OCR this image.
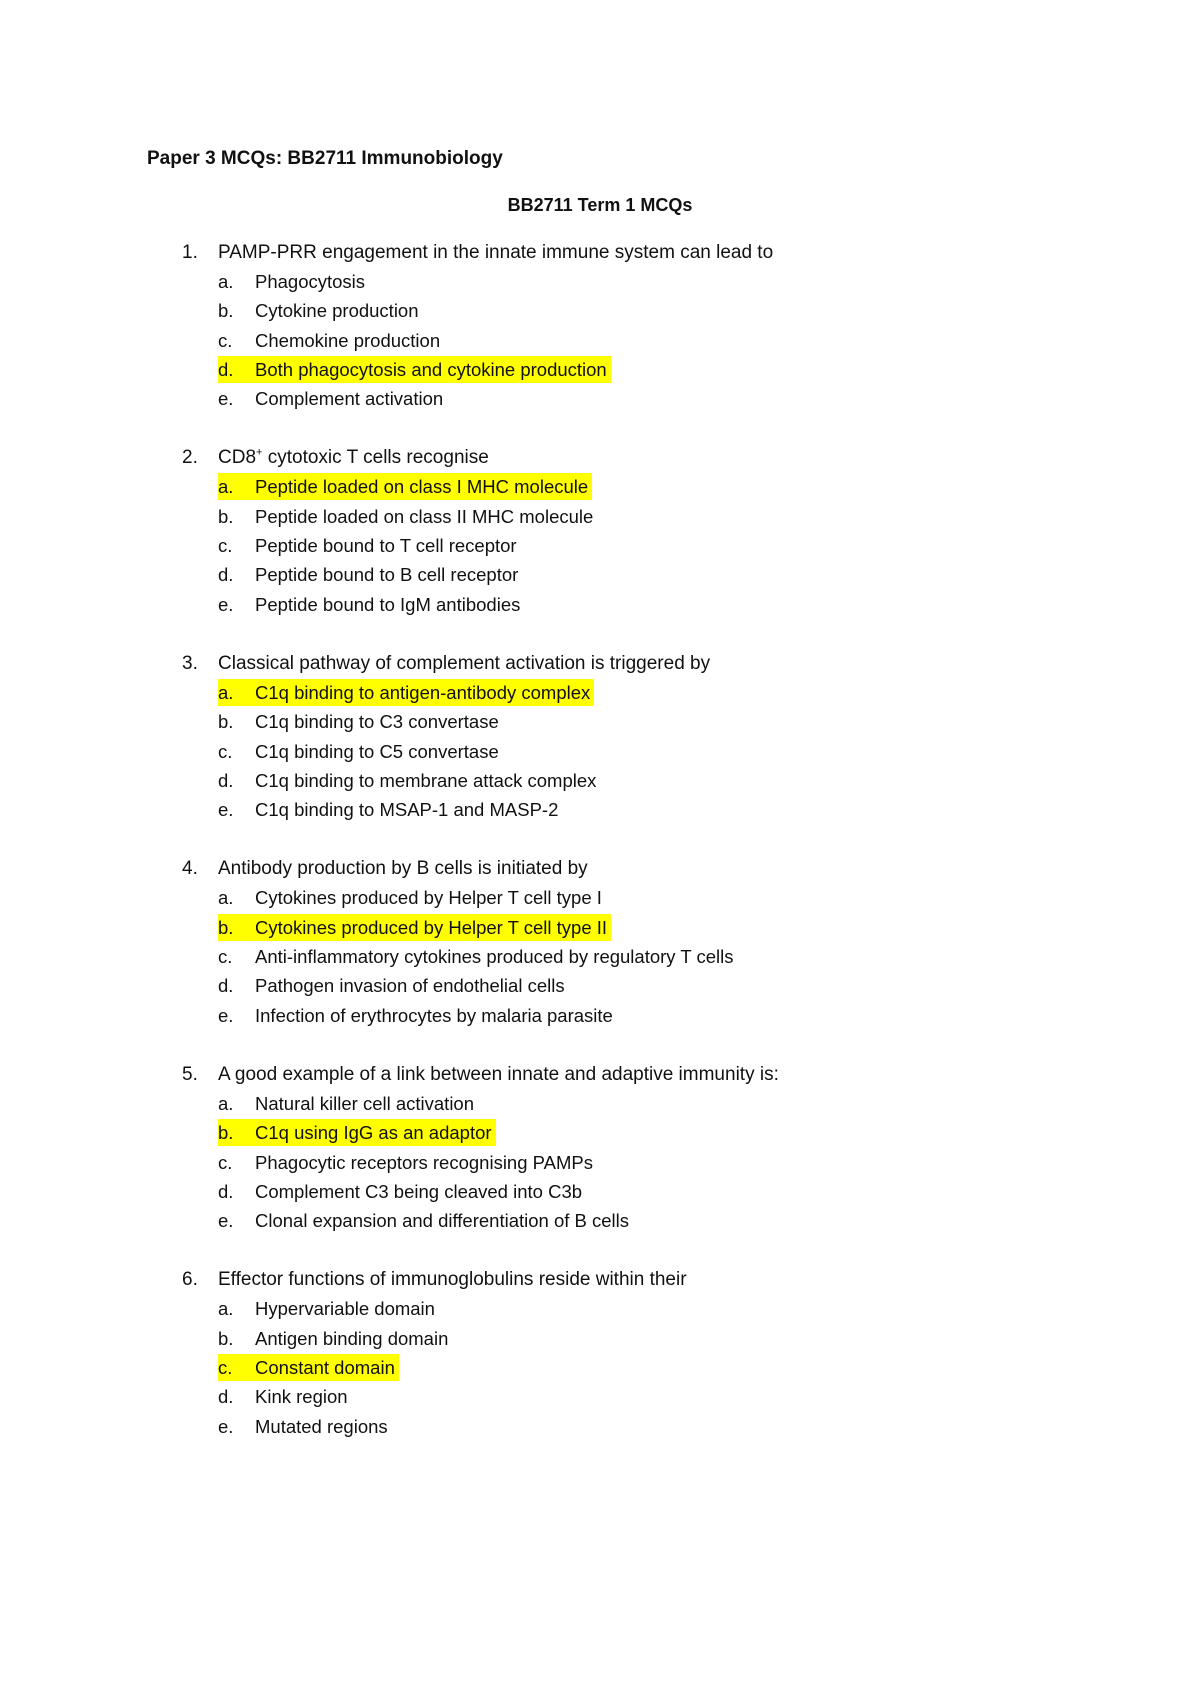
Paper 3 MCQs: BB2711 Immunobiology
BB2711 Term 1 MCQs
1. PAMP-PRR engagement in the innate immune system can lead to
a. Phagocytosis
b. Cytokine production
c. Chemokine production
d. Both phagocytosis and cytokine production
e. Complement activation
2. CD8+ cytotoxic T cells recognise
a. Peptide loaded on class I MHC molecule
b. Peptide loaded on class II MHC molecule
c. Peptide bound to T cell receptor
d. Peptide bound to B cell receptor
e. Peptide bound to IgM antibodies
3. Classical pathway of complement activation is triggered by
a. C1q binding to antigen-antibody complex
b. C1q binding to C3 convertase
c. C1q binding to C5 convertase
d. C1q binding to membrane attack complex
e. C1q binding to MSAP-1 and MASP-2
4. Antibody production by B cells is initiated by
a. Cytokines produced by Helper T cell type I
b. Cytokines produced by Helper T cell type II
c. Anti-inflammatory cytokines produced by regulatory T cells
d. Pathogen invasion of endothelial cells
e. Infection of erythrocytes by malaria parasite
5. A good example of a link between innate and adaptive immunity is:
a. Natural killer cell activation
b. C1q using IgG as an adaptor
c. Phagocytic receptors recognising PAMPs
d. Complement C3 being cleaved into C3b
e. Clonal expansion and differentiation of B cells
6. Effector functions of immunoglobulins reside within their
a. Hypervariable domain
b. Antigen binding domain
c. Constant domain
d. Kink region
e. Mutated regions
